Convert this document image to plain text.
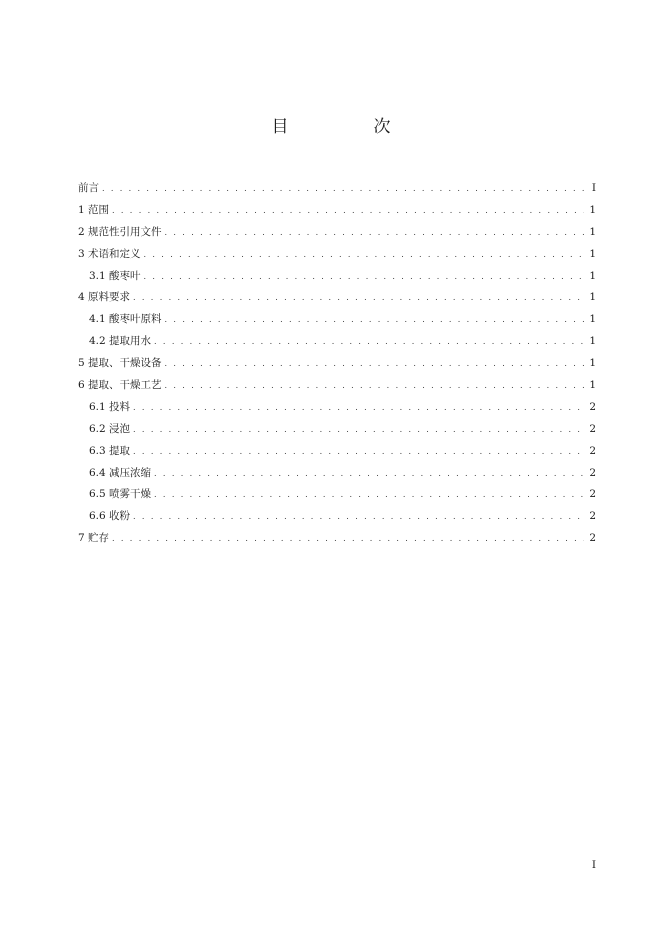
目　次
前言 . . .	I
1 范围 . . .	1
2 规范性引用文件 . . .	1
3 术语和定义 . . .	1
3.1 酸枣叶 . . .	1
4 原料要求 . . .	1
4.1 酸枣叶原料 . . .	1
4.2 提取用水 . . .	1
5 提取、干燥设备 . . .	1
6 提取、干燥工艺 . . .	1
6.1 投料 . . .	2
6.2 浸泡 . . .	2
6.3 提取 . . .	2
6.4 减压浓缩 . . .	2
6.5 喷雾干燥 . . .	2
6.6 收粉 . . .	2
7 贮存 . . .	2
I
